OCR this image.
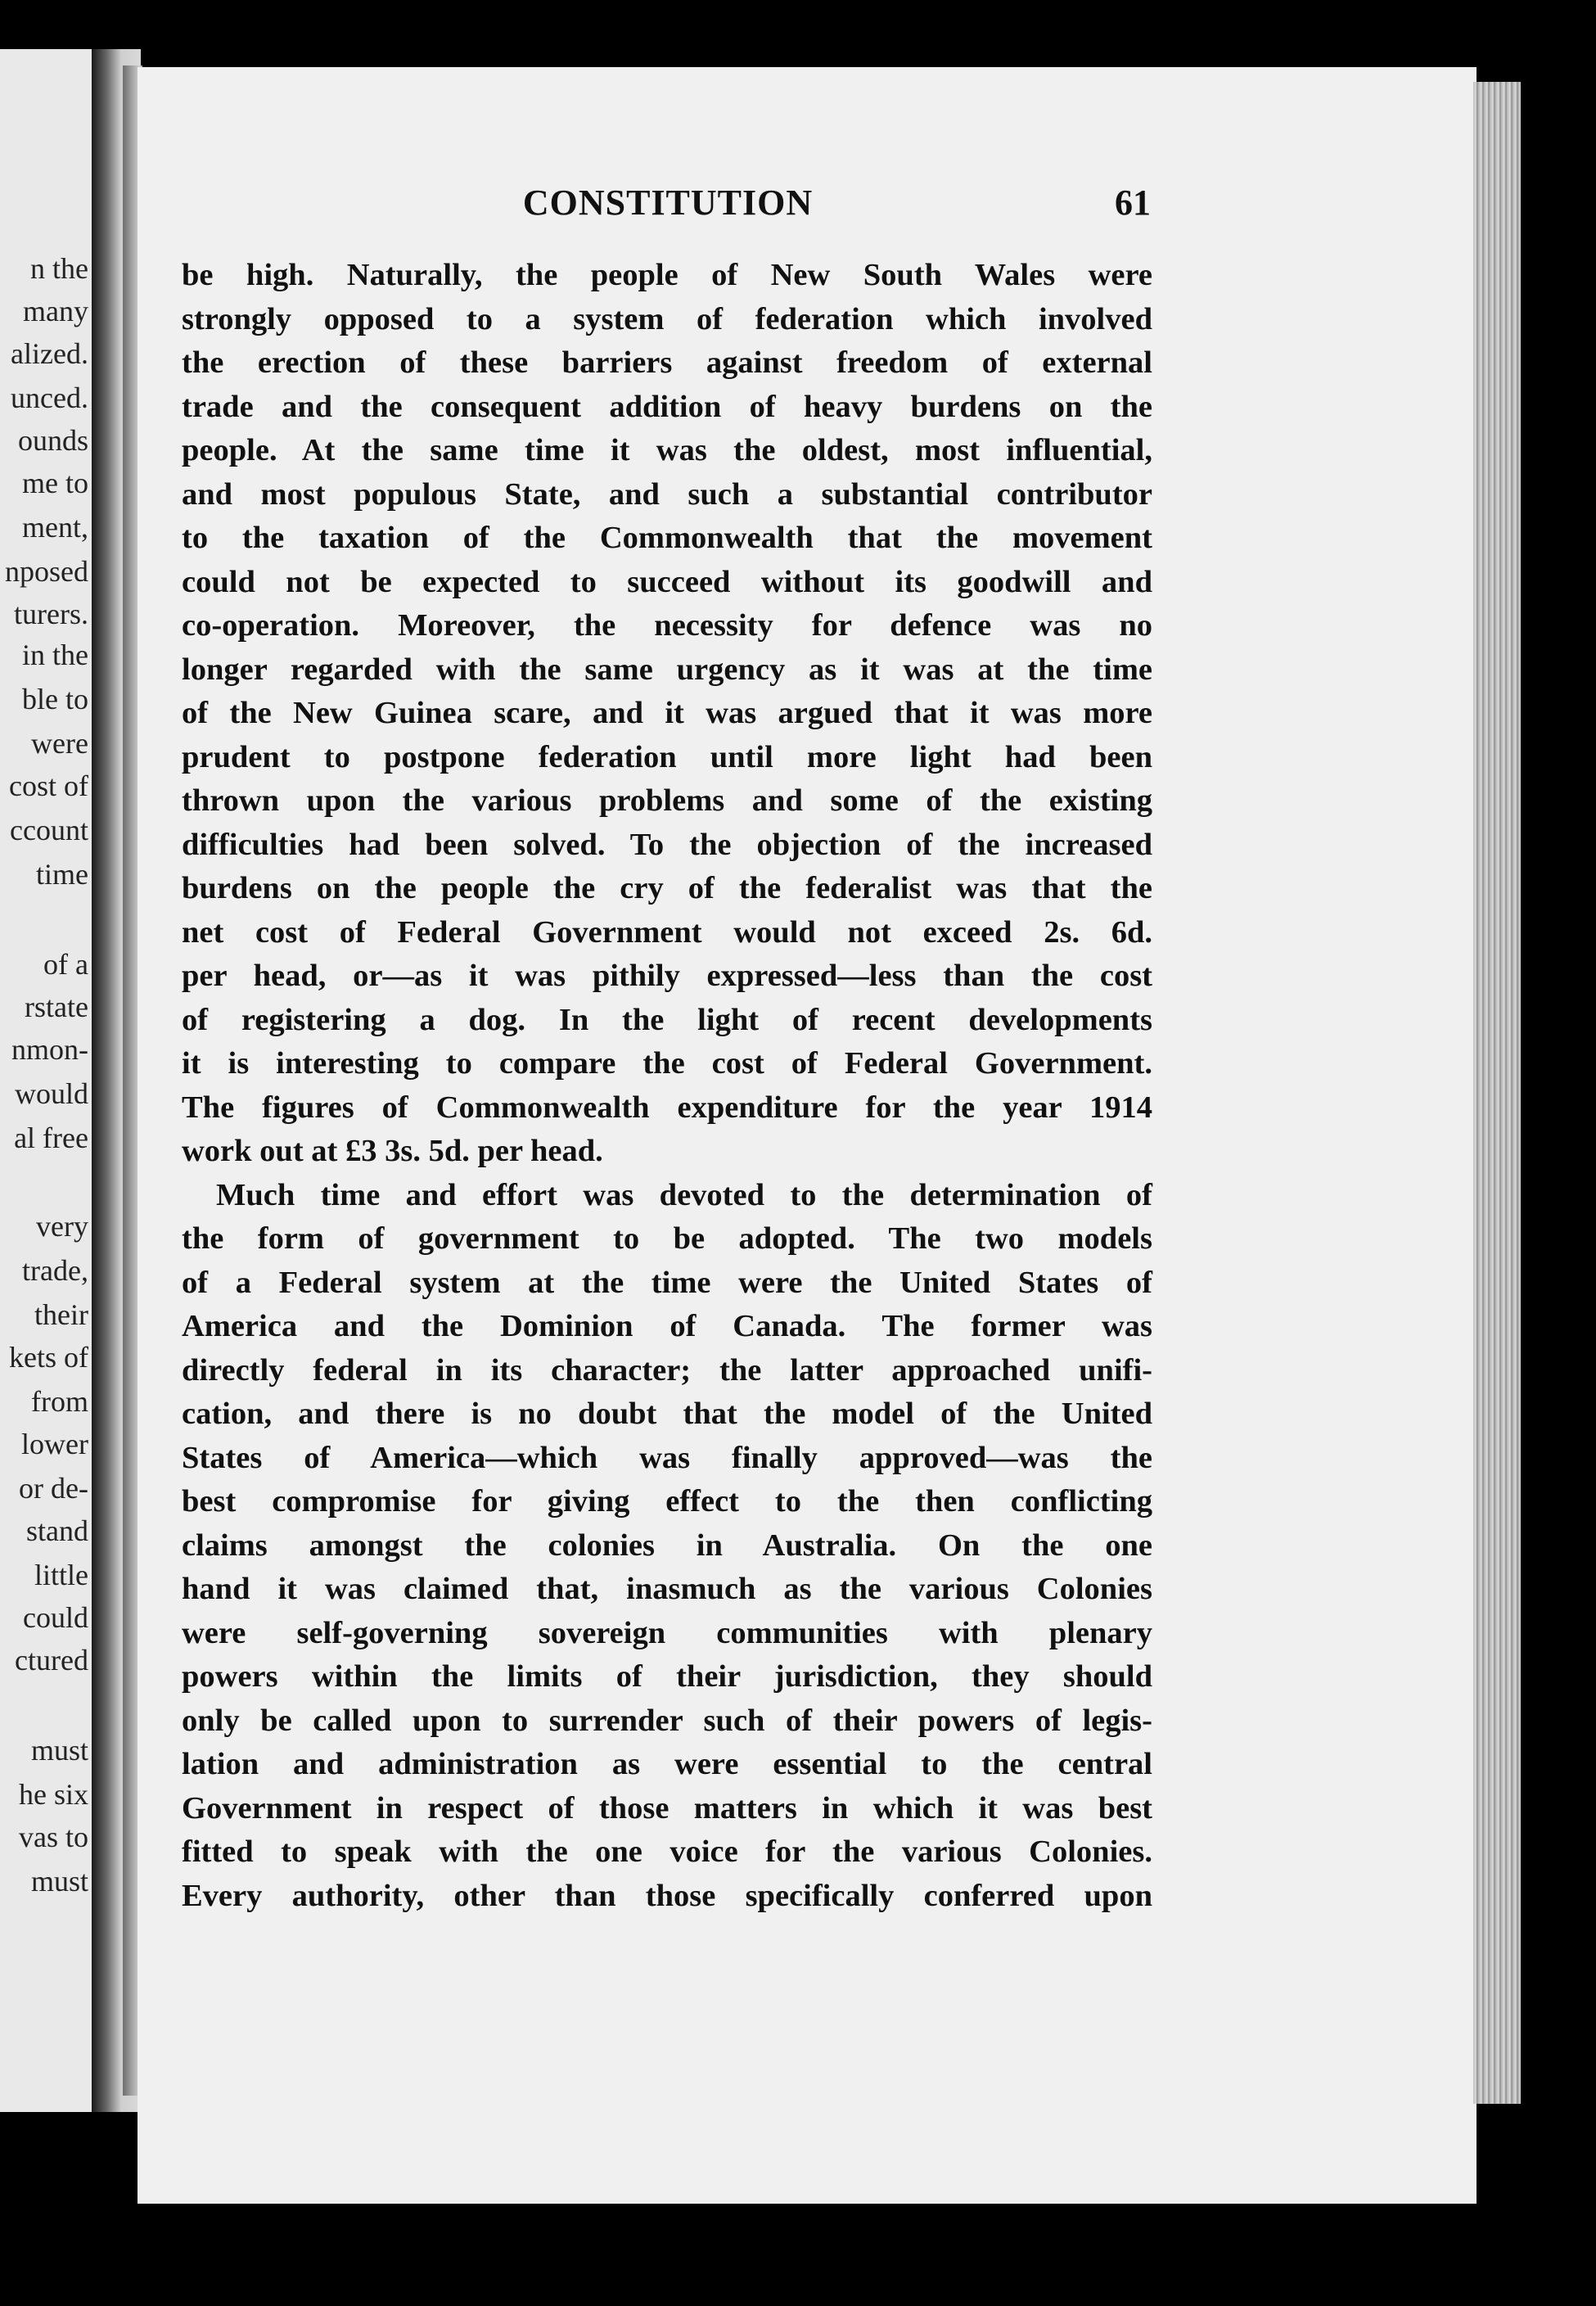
n the
many
alized.
unced.
ounds
me to
ment,
nposed
turers.
in the
ble to
were
cost of
ccount
time
of a
rstate
nmon-
would
al free
very
trade,
their
kets of
from
lower
or de-
stand
little
could
ctured
must
he six
vas to
must
CONSTITUTION	61
be high. Naturally, the people of New South Wales were
strongly opposed to a system of federation which involved
the erection of these barriers against freedom of external
trade and the consequent addition of heavy burdens on the
people. At the same time it was the oldest, most influential,
and most populous State, and such a substantial contributor
to the taxation of the Commonwealth that the movement
could not be expected to succeed without its goodwill and
co-operation. Moreover, the necessity for defence was no
longer regarded with the same urgency as it was at the time
of the New Guinea scare, and it was argued that it was more
prudent to postpone federation until more light had been
thrown upon the various problems and some of the existing
difficulties had been solved. To the objection of the increased
burdens on the people the cry of the federalist was that the
net cost of Federal Government would not exceed 2s. 6d.
per head, or—as it was pithily expressed—less than the cost
of registering a dog. In the light of recent developments
it is interesting to compare the cost of Federal Government.
The figures of Commonwealth expenditure for the year 1914
work out at £3 3s. 5d. per head.
Much time and effort was devoted to the determination of
the form of government to be adopted. The two models
of a Federal system at the time were the United States of
America and the Dominion of Canada. The former was
directly federal in its character; the latter approached unifi-
cation, and there is no doubt that the model of the United
States of America—which was finally approved—was the
best compromise for giving effect to the then conflicting
claims amongst the colonies in Australia. On the one
hand it was claimed that, inasmuch as the various Colonies
were self-governing sovereign communities with plenary
powers within the limits of their jurisdiction, they should
only be called upon to surrender such of their powers of legis-
lation and administration as were essential to the central
Government in respect of those matters in which it was best
fitted to speak with the one voice for the various Colonies.
Every authority, other than those specifically conferred upon
